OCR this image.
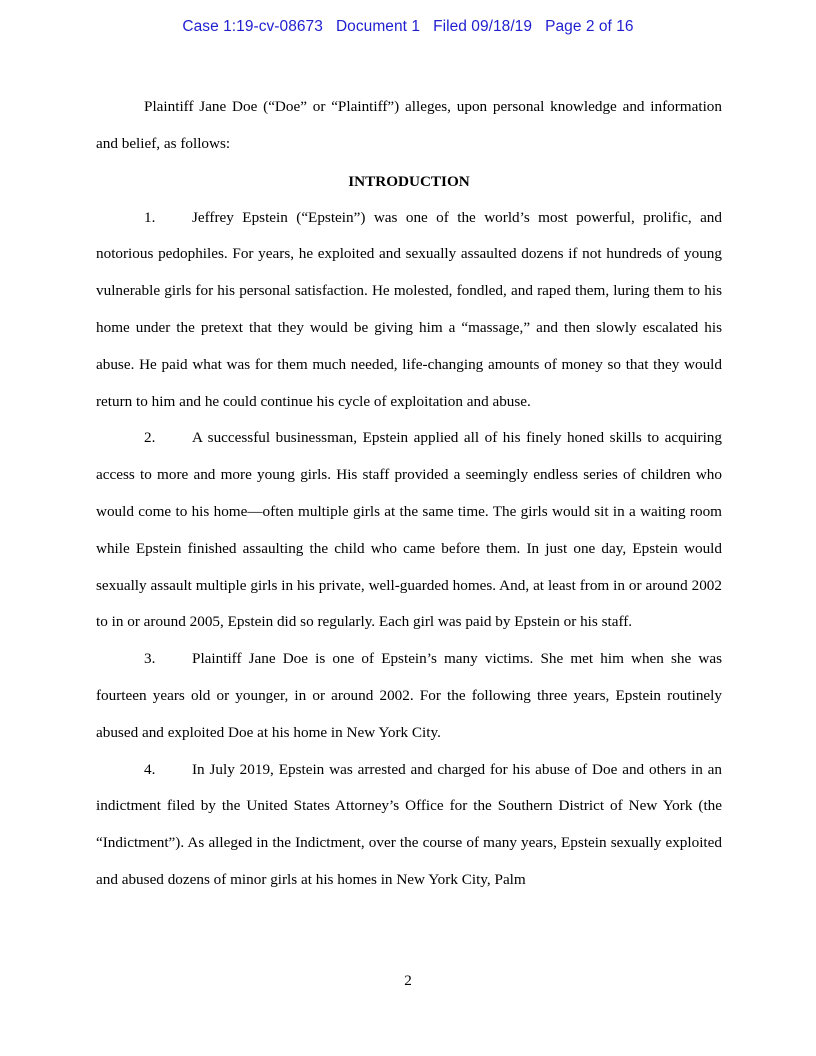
Case 1:19-cv-08673   Document 1   Filed 09/18/19   Page 2 of 16

Plaintiff Jane Doe (“Doe” or “Plaintiff”) alleges, upon personal knowledge and information and belief, as follows:

INTRODUCTION

1. Jeffrey Epstein (“Epstein”) was one of the world’s most powerful, prolific, and notorious pedophiles. For years, he exploited and sexually assaulted dozens if not hundreds of young vulnerable girls for his personal satisfaction. He molested, fondled, and raped them, luring them to his home under the pretext that they would be giving him a “massage,” and then slowly escalated his abuse. He paid what was for them much needed, life-changing amounts of money so that they would return to him and he could continue his cycle of exploitation and abuse.

2. A successful businessman, Epstein applied all of his finely honed skills to acquiring access to more and more young girls. His staff provided a seemingly endless series of children who would come to his home—often multiple girls at the same time. The girls would sit in a waiting room while Epstein finished assaulting the child who came before them. In just one day, Epstein would sexually assault multiple girls in his private, well-guarded homes. And, at least from in or around 2002 to in or around 2005, Epstein did so regularly. Each girl was paid by Epstein or his staff.

3. Plaintiff Jane Doe is one of Epstein’s many victims. She met him when she was fourteen years old or younger, in or around 2002. For the following three years, Epstein routinely abused and exploited Doe at his home in New York City.

4. In July 2019, Epstein was arrested and charged for his abuse of Doe and others in an indictment filed by the United States Attorney’s Office for the Southern District of New York (the “Indictment”). As alleged in the Indictment, over the course of many years, Epstein sexually exploited and abused dozens of minor girls at his homes in New York City, Palm

2
